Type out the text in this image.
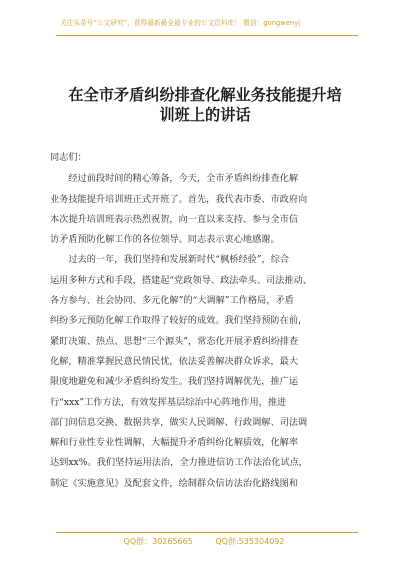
关注头条号“公文研究”，获得最新最全最专业的公文资料库！ 微信：gongwenyj
在全市矛盾纠纷排查化解业务技能提升培
训班上的讲话
同志们：
　　经过前段时间的精心筹备，今天，全市矛盾纠纷排查化解
业务技能提升培训班正式开班了。首先，我代表市委、市政府向
本次提升培训班表示热烈祝贺，向一直以来支持、参与全市信
访矛盾预防化解工作的各位领导、同志表示衷心地感谢。
　　过去的一年，我们坚持和发展新时代“枫桥经验”，综合
运用多种方式和手段，搭建起“党政领导、政法牵头、司法推动、
各方参与、社会协同、多元化解”的“大调解”工作格局，矛盾
纠纷多元预防化解工作取得了较好的成效。我们坚持预防在前，
紧盯决策、热点、思想“三个源头”，常态化开展矛盾纠纷排查
化解，精准掌握民意民情民忧，依法妥善解决群众诉求，最大
限度地避免和减少矛盾纠纷发生。我们坚持调解优先，推广运
行“xxx”工作方法，有效发挥基层综治中心阵地作用，推进
部门间信息交换、数据共享，做实人民调解、行政调解、司法调
解和行业性专业性调解，大幅提升矛盾纠纷化解质效，化解率
达到xx%。我们坚持运用法治，全力推进信访工作法治化试点，
制定《实施意见》及配套文件，绘制群众信访法治化路线图和
QQ群：30265665	QQ群:535304092
